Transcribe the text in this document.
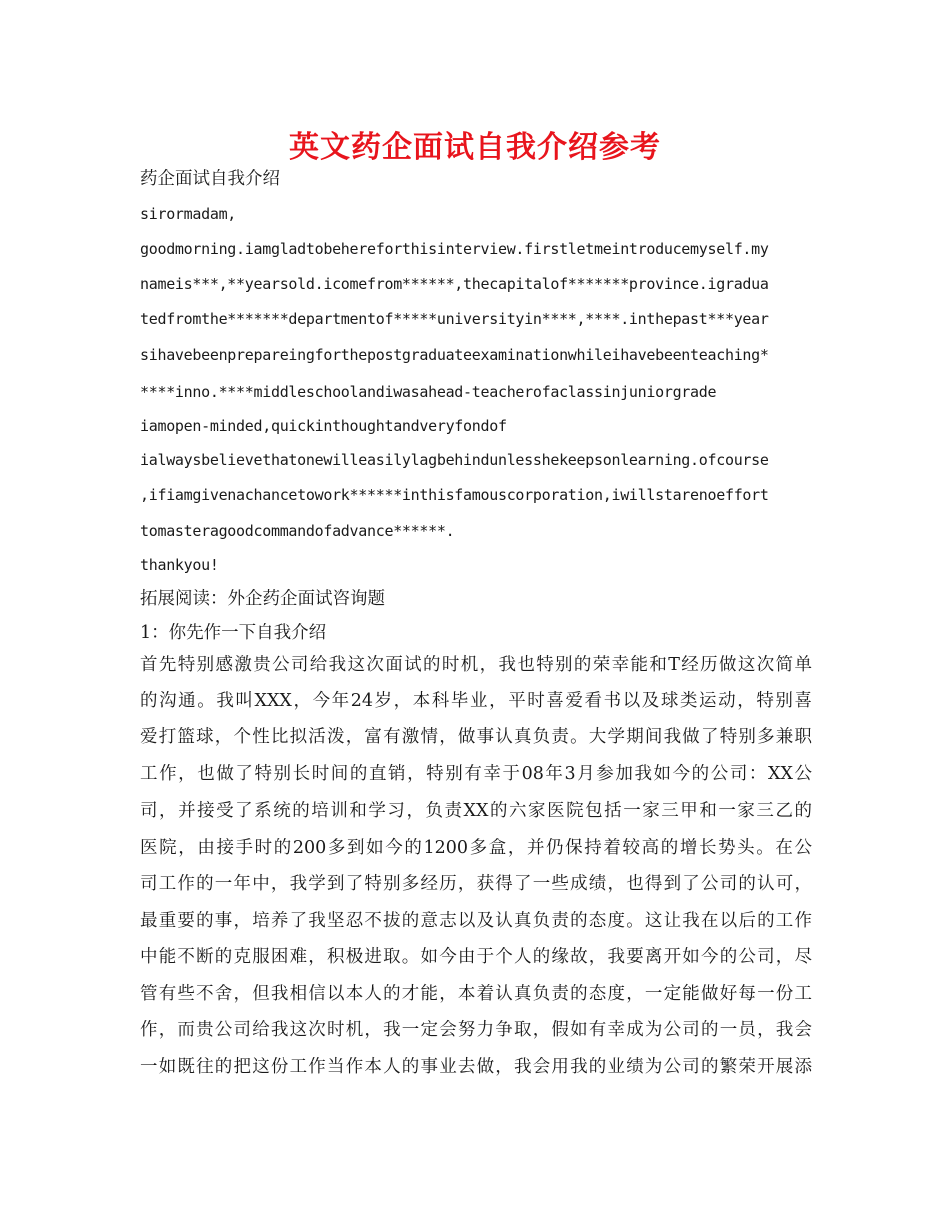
英文药企面试自我介绍参考
药企面试自我介绍
sirormadam,
goodmorning.iamgladtobehereforthisinterview.firstletmeintroducemyself.my
nameis***,**yearsold.icomefrom******,thecapitalof*******province.igradua
tedfromthe*******departmentof*****universityin****,****.inthepast***year
sihavebeenprepareingforthepostgraduateexaminationwhileihavebeenteaching*
****inno.****middleschoolandiwasahead-teacherofaclassinjuniorgrade
iamopen-minded,quickinthoughtandveryfondof
ialwaysbelievethatonewilleasilylagbehindunlesshekeepsonlearning.ofcourse
,ifiamgivenachancetowork******inthisfamouscorporation,iwillstarenoeffort
tomasteragoodcommandofadvance******.
thankyou!
拓展阅读：外企药企面试咨询题
1：你先作一下自我介绍
首先特别感激贵公司给我这次面试的时机，我也特别的荣幸能和T经历做这次简单
的沟通。我叫XXX，今年24岁，本科毕业，平时喜爱看书以及球类运动，特别喜
爱打篮球，个性比拟活泼，富有激情，做事认真负责。大学期间我做了特别多兼职
工作，也做了特别长时间的直销，特别有幸于08年3月参加我如今的公司：XX公
司，并接受了系统的培训和学习，负责XX的六家医院包括一家三甲和一家三乙的
医院，由接手时的200多到如今的1200多盒，并仍保持着较高的增长势头。在公
司工作的一年中，我学到了特别多经历，获得了一些成绩，也得到了公司的认可，
最重要的事，培养了我坚忍不拔的意志以及认真负责的态度。这让我在以后的工作
中能不断的克服困难，积极进取。如今由于个人的缘故，我要离开如今的公司，尽
管有些不舍，但我相信以本人的才能，本着认真负责的态度，一定能做好每一份工
作，而贵公司给我这次时机，我一定会努力争取，假如有幸成为公司的一员，我会
一如既往的把这份工作当作本人的事业去做，我会用我的业绩为公司的繁荣开展添
